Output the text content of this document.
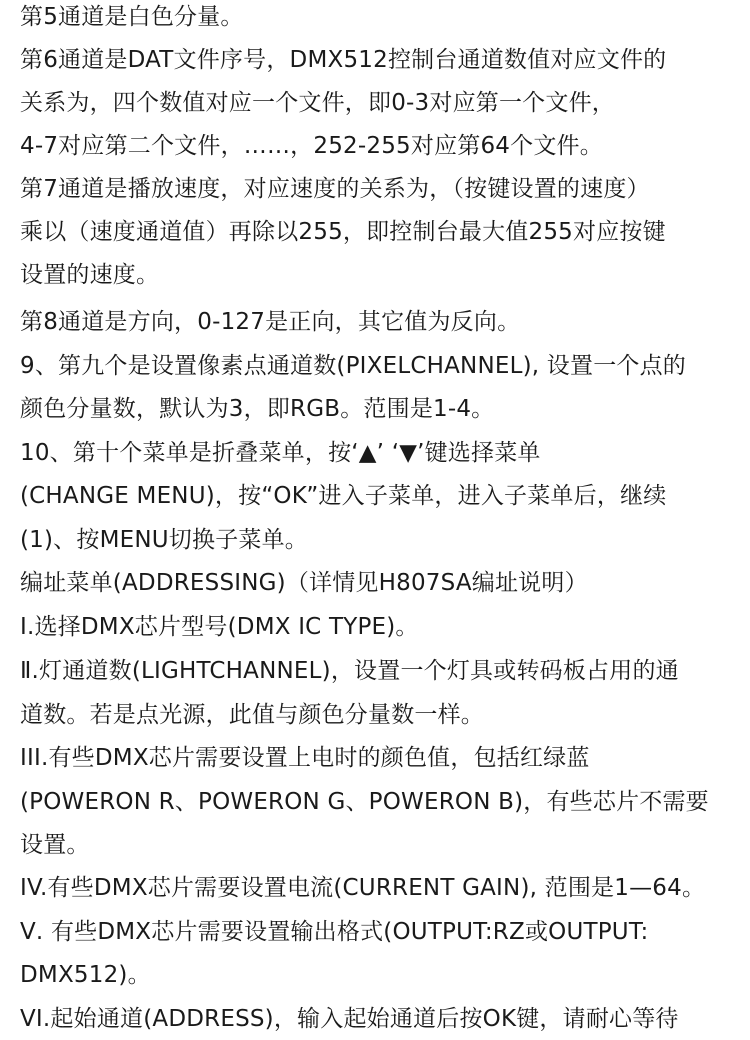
第5通道是白色分量。
第6通道是DAT文件序号，DMX512控制台通道数值对应文件的
关系为，四个数值对应一个文件，即0-3对应第一个文件，
4-7对应第二个文件，……，252-255对应第64个文件。
第7通道是播放速度，对应速度的关系为，（按键设置的速度）
乘以（速度通道值）再除以255，即控制台最大值255对应按键
设置的速度。
第8通道是方向，0-127是正向，其它值为反向。
9、第九个是设置像素点通道数(PIXELCHANNEL), 设置一个点的
颜色分量数，默认为3，即RGB。范围是1-4。
10、第十个菜单是折叠菜单，按‘▲’ ‘▼’键选择菜单
(CHANGE MENU)，按“OK”进入子菜单，进入子菜单后，继续
(1)、按MENU切换子菜单。
编址菜单(ADDRESSING)（详情见H807SA编址说明）
Ⅰ.选择DMX芯片型号(DMX IC TYPE)。
Ⅱ.灯通道数(LIGHTCHANNEL)，设置一个灯具或转码板占用的通
道数。若是点光源，此值与颜色分量数一样。
III.有些DMX芯片需要设置上电时的颜色值，包括红绿蓝
(POWERON R、POWERON G、POWERON B)，有些芯片不需要
设置。
IV.有些DMX芯片需要设置电流(CURRENT GAIN), 范围是1—64。
Ⅴ. 有些DMX芯片需要设置输出格式(OUTPUT:RZ或OUTPUT:
DMX512)。
VI.起始通道(ADDRESS)，输入起始通道后按OK键，请耐心等待
